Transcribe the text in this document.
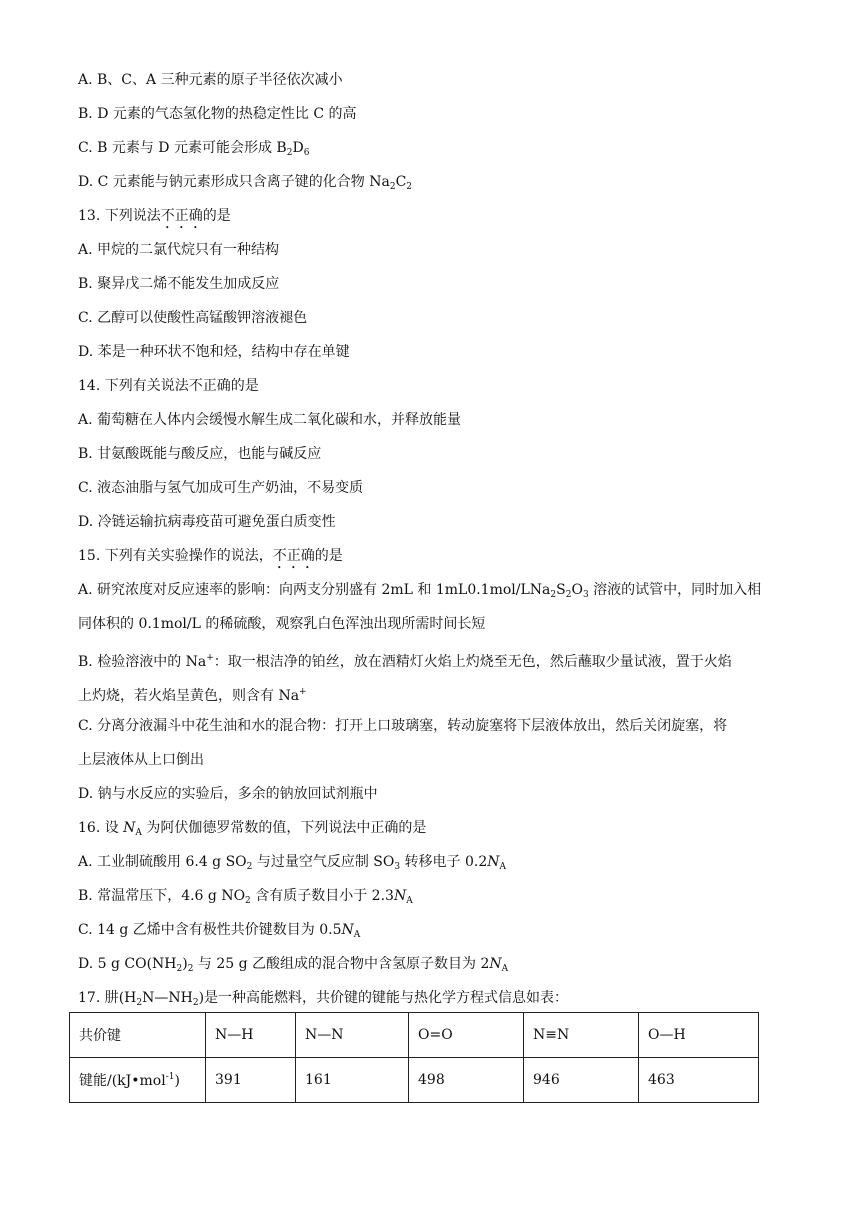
A. B、C、A 三种元素的原子半径依次减小
B. D 元素的气态氢化物的热稳定性比 C 的高
C. B 元素与 D 元素可能会形成 $B_2D_6$
D. C 元素能与钠元素形成只含离子键的化合物 $Na_2C_2$
13. 下列说法不正确的是
A. 甲烷的二氯代烷只有一种结构
B. 聚异戊二烯不能发生加成反应
C. 乙醇可以使酸性高锰酸钾溶液褪色
D. 苯是一种环状不饱和烃，结构中存在单键
14. 下列有关说法不正确的是
A. 葡萄糖在人体内会缓慢水解生成二氧化碳和水，并释放能量
B. 甘氨酸既能与酸反应，也能与碱反应
C. 液态油脂与氢气加成可生产奶油，不易变质
D. 冷链运输抗病毒疫苗可避免蛋白质变性
15. 下列有关实验操作的说法，不正确的是
A. 研究浓度对反应速率的影响：向两支分别盛有 2mL 和 $1mL0.1mol/LNa_2S_2O_3$ 溶液的试管中，同时加入相
同体积的 0.1mol/L 的稀硫酸，观察乳白色浑浊出现所需时间长短
B. 检验溶液中的 Na+：取一根洁净的铂丝，放在酒精灯火焰上灼烧至无色，然后蘸取少量试液，置于火焰
上灼烧，若火焰呈黄色，则含有 Na+
C. 分离分液漏斗中花生油和水的混合物：打开上口玻璃塞，转动旋塞将下层液体放出，然后关闭旋塞，将
上层液体从上口倒出
D. 钠与水反应的实验后，多余的钠放回试剂瓶中
16. 设 $N_A$ 为阿伏伽德罗常数的值，下列说法中正确的是
A. 工业制硫酸用 6.4 g $SO_2$ 与过量空气反应制 $SO_3$ 转移电子 $0.2N_A$
B. 常温常压下，4.6 g $NO_2$ 含有质子数目小于 $2.3N_A$
C. 14 g 乙烯中含有极性共价键数目为 $0.5N_A$
D. 5 g $CO(NH_2)_2$ 与 25 g 乙酸组成的混合物中含氢原子数目为 $2N_A$
17. 肼$(H_2N—NH_2)$是一种高能燃料，共价键的键能与热化学方程式信息如表：
共价键	N—H	N—N	O=O	N≡N	O—H
键能/(kJ•mol$^{-1}$)	391	161	498	946	463
